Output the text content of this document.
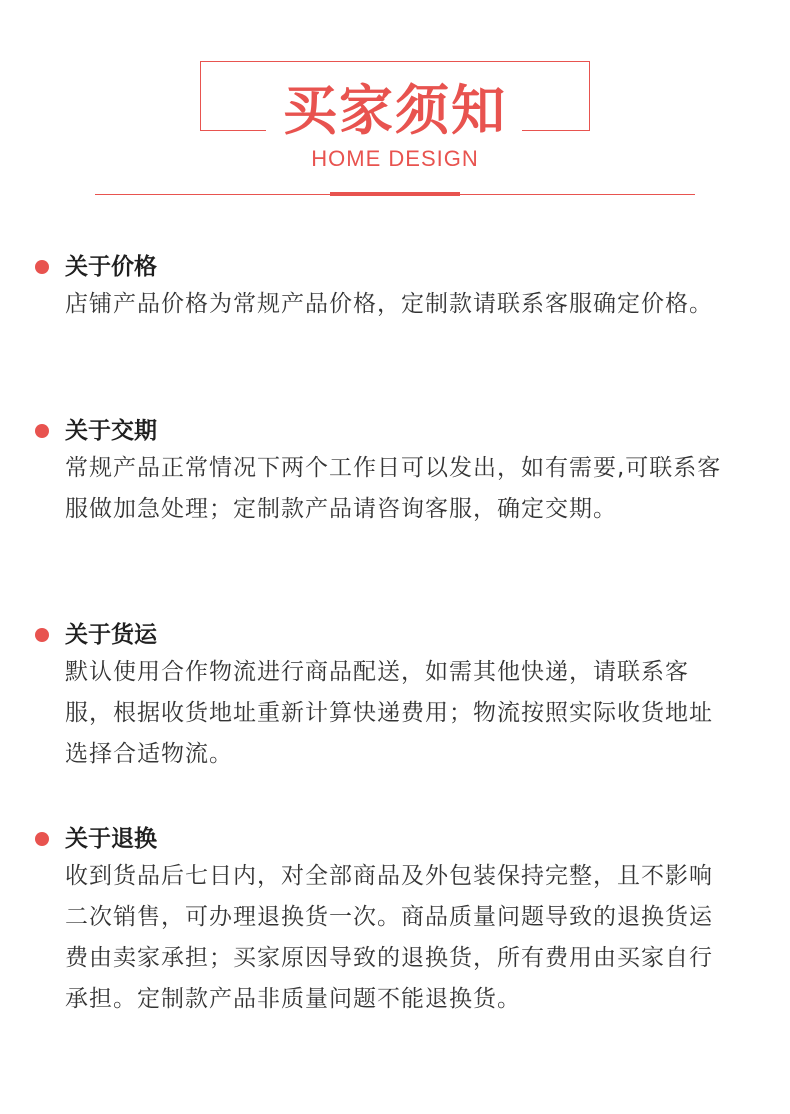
买家须知
HOME DESIGN
关于价格
店铺产品价格为常规产品价格，定制款请联系客服确定价格。
关于交期
常规产品正常情况下两个工作日可以发出，如有需要,可联系客服做加急处理；定制款产品请咨询客服，确定交期。
关于货运
默认使用合作物流进行商品配送，如需其他快递，请联系客服，根据收货地址重新计算快递费用；物流按照实际收货地址选择合适物流。
关于退换
收到货品后七日内，对全部商品及外包装保持完整，且不影响二次销售，可办理退换货一次。商品质量问题导致的退换货运费由卖家承担；买家原因导致的退换货，所有费用由买家自行承担。定制款产品非质量问题不能退换货。
